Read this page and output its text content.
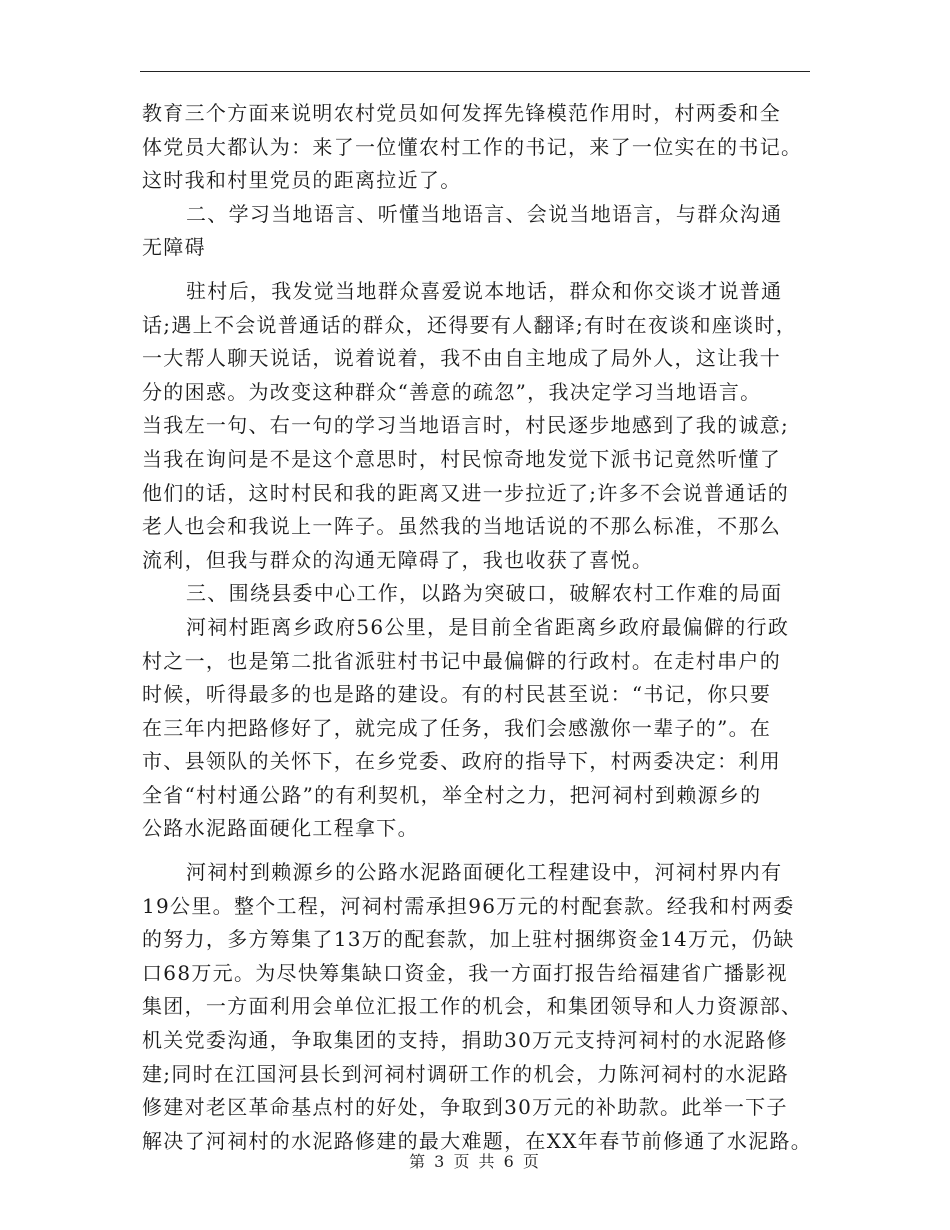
教育三个方面来说明农村党员如何发挥先锋模范作用时，村两委和全
体党员大都认为：来了一位懂农村工作的书记，来了一位实在的书记。
这时我和村里党员的距离拉近了。
二、学习当地语言、听懂当地语言、会说当地语言，与群众沟通
无障碍
驻村后，我发觉当地群众喜爱说本地话，群众和你交谈才说普通
话;遇上不会说普通话的群众，还得要有人翻译;有时在夜谈和座谈时，
一大帮人聊天说话，说着说着，我不由自主地成了局外人，这让我十
分的困惑。为改变这种群众“善意的疏忽”，我决定学习当地语言。
当我左一句、右一句的学习当地语言时，村民逐步地感到了我的诚意;
当我在询问是不是这个意思时，村民惊奇地发觉下派书记竟然听懂了
他们的话，这时村民和我的距离又进一步拉近了;许多不会说普通话的
老人也会和我说上一阵子。虽然我的当地话说的不那么标准，不那么
流利，但我与群众的沟通无障碍了，我也收获了喜悦。
三、围绕县委中心工作，以路为突破口，破解农村工作难的局面
河祠村距离乡政府56公里，是目前全省距离乡政府最偏僻的行政
村之一，也是第二批省派驻村书记中最偏僻的行政村。在走村串户的
时候，听得最多的也是路的建设。有的村民甚至说：“书记，你只要
在三年内把路修好了，就完成了任务，我们会感激你一辈子的”。在
市、县领队的关怀下，在乡党委、政府的指导下，村两委决定：利用
全省“村村通公路”的有利契机，举全村之力，把河祠村到赖源乡的
公路水泥路面硬化工程拿下。
河祠村到赖源乡的公路水泥路面硬化工程建设中，河祠村界内有
19公里。整个工程，河祠村需承担96万元的村配套款。经我和村两委
的努力，多方筹集了13万的配套款，加上驻村捆绑资金14万元，仍缺
口68万元。为尽快筹集缺口资金，我一方面打报告给福建省广播影视
集团，一方面利用会单位汇报工作的机会，和集团领导和人力资源部、
机关党委沟通，争取集团的支持，捐助30万元支持河祠村的水泥路修
建;同时在江国河县长到河祠村调研工作的机会，力陈河祠村的水泥路
修建对老区革命基点村的好处，争取到30万元的补助款。此举一下子
解决了河祠村的水泥路修建的最大难题，在XX年春节前修通了水泥路。
第 3 页 共 6 页
